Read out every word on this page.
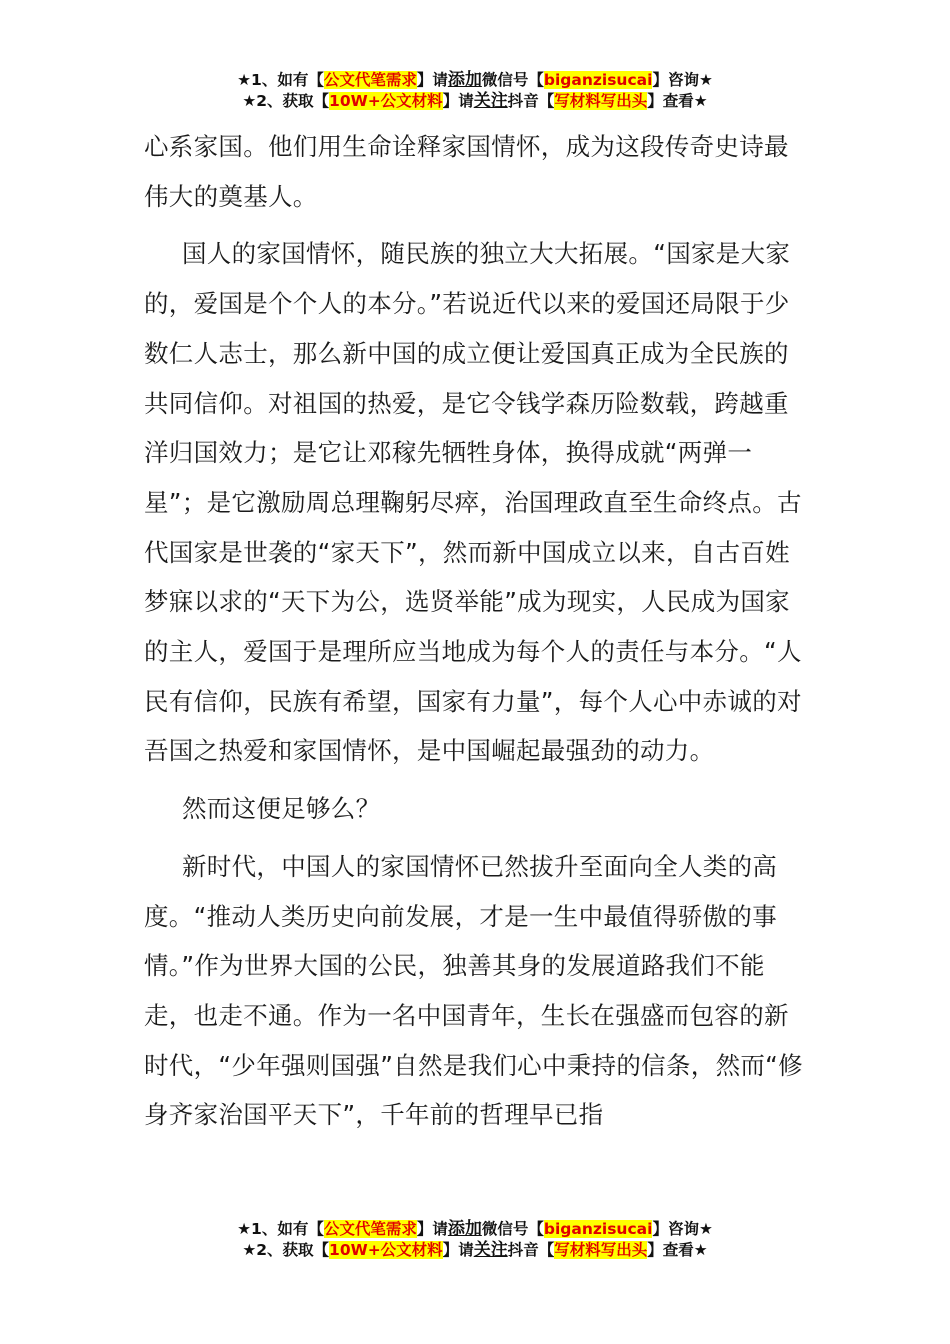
★1、如有【公文代笔需求】请添加微信号【biganzisucai】咨询★
★2、获取【10W+公文材料】请关注抖音【写材料写出头】查看★

心系家国。他们用生命诠释家国情怀，成为这段传奇史诗最伟大的奠基人。

国人的家国情怀，随民族的独立大大拓展。“国家是大家的，爱国是个个人的本分。”若说近代以来的爱国还局限于少数仁人志士，那么新中国的成立便让爱国真正成为全民族的共同信仰。对祖国的热爱，是它令钱学森历险数载，跨越重洋归国效力；是它让邓稼先牺牲身体，换得成就“两弹一星”；是它激励周总理鞠躬尽瘁，治国理政直至生命终点。古代国家是世袭的“家天下”，然而新中国成立以来，自古百姓梦寐以求的“天下为公，选贤举能”成为现实，人民成为国家的主人，爱国于是理所应当地成为每个人的责任与本分。“人民有信仰，民族有希望，国家有力量”，每个人心中赤诚的对吾国之热爱和家国情怀，是中国崛起最强劲的动力。

然而这便足够么？

新时代，中国人的家国情怀已然拔升至面向全人类的高度。“推动人类历史向前发展，才是一生中最值得骄傲的事情。”作为世界大国的公民，独善其身的发展道路我们不能走，也走不通。作为一名中国青年，生长在强盛而包容的新时代，“少年强则国强”自然是我们心中秉持的信条，然而“修身齐家治国平天下”，千年前的哲理早已指

★1、如有【公文代笔需求】请添加微信号【biganzisucai】咨询★
★2、获取【10W+公文材料】请关注抖音【写材料写出头】查看★
